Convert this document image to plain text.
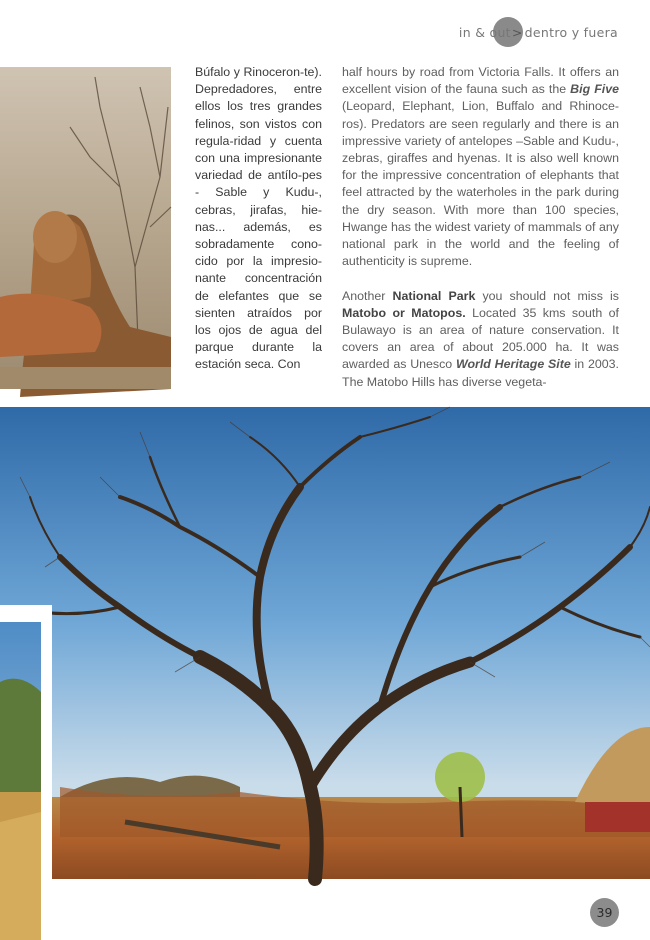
in & out > dentro y fuera

Búfalo y Rinoceron-te). Depredadores, entre ellos los tres grandes felinos, son vistos con regula-ridad y cuenta con una impresionante variedad de antílo-pes - Sable y Kudu-, cebras, jirafas, hie-nas... además, es sobradamente cono-cido por la impresio-nante concentración de elefantes que se sienten atraídos por los ojos de agua del parque durante la estación seca. Con

half hours by road from Victoria Falls. It offers an excellent vision of the fauna such as the Big Five (Leopard, Elephant, Lion, Buffalo and Rhinoce-ros). Predators are seen regularly and there is an impressive variety of antelopes –Sable and Kudu-, zebras, giraffes and hyenas. It is also well known for the impressive concentration of elephants that feel attracted by the waterholes in the park during the dry season. With more than 100 species, Hwange has the widest variety of mammals of any national park in the world and the feeling of authenticity is supreme.

Another National Park you should not miss is Matobo or Matopos. Located 35 kms south of Bulawayo is an area of nature conservation. It covers an area of about 205.000 ha. It was awarded as Unesco World Heritage Site in 2003. The Matobo Hills has diverse vegeta-

39
